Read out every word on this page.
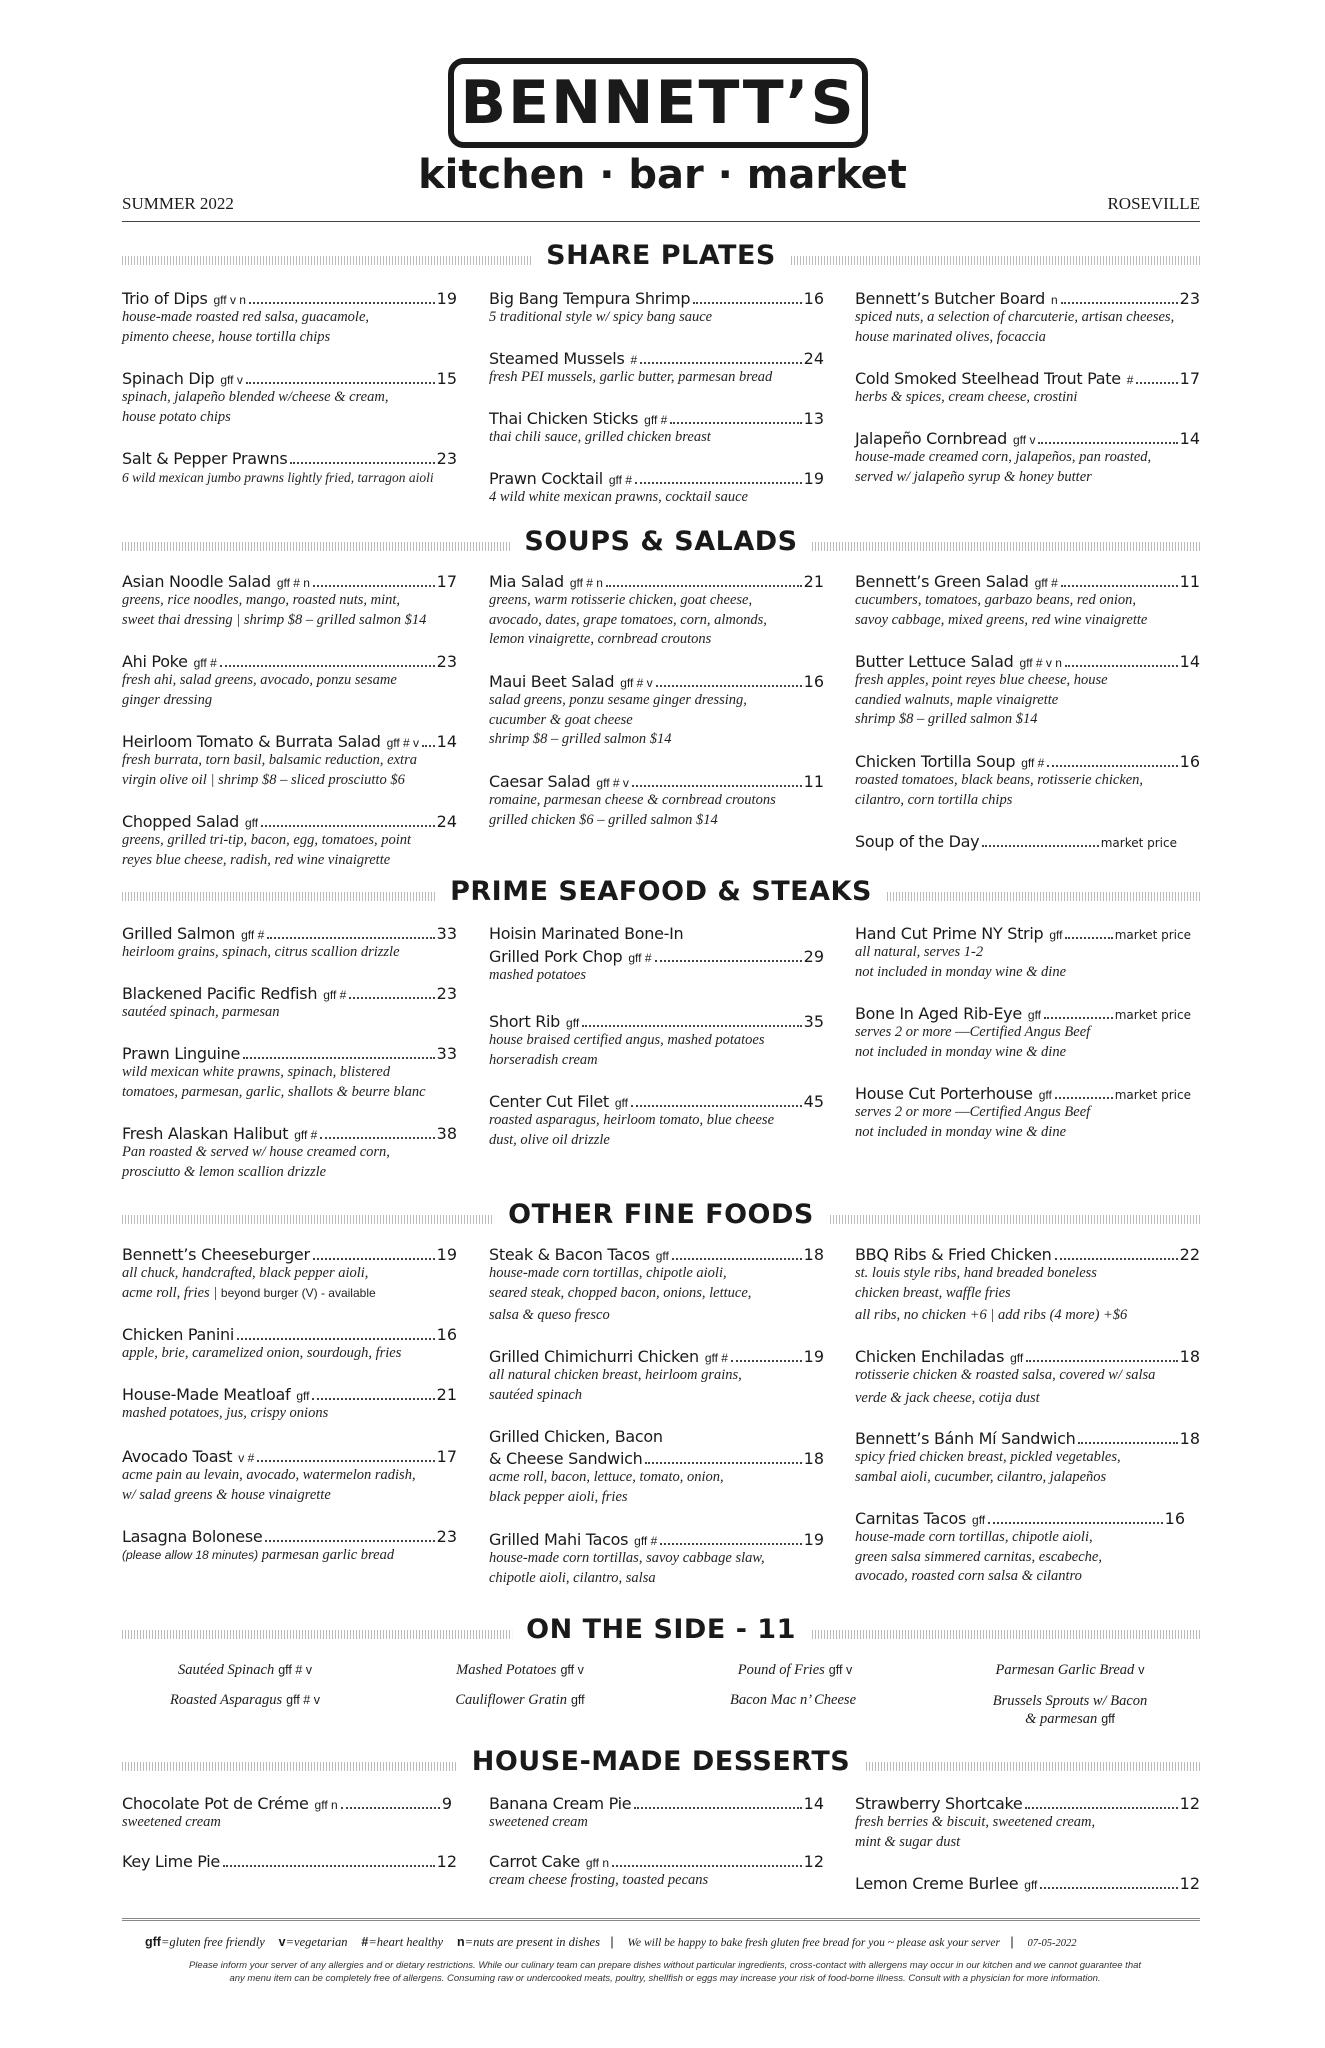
BENNETT’S
kitchen · bar · market
SUMMER 2022	ROSEVILLE
SHARE PLATES
Trio of Dips gff v n	19
house-made roasted red salsa, guacamole,
pimento cheese, house tortilla chips
Spinach Dip gff v	15
spinach, jalapeño blended w/cheese & cream,
house potato chips
Salt & Pepper Prawns	23
6 wild mexican jumbo prawns lightly fried, tarragon aioli
Big Bang Tempura Shrimp	16
5 traditional style w/ spicy bang sauce
Steamed Mussels #	24
fresh PEI mussels, garlic butter, parmesan bread
Thai Chicken Sticks gff #	13
thai chili sauce, grilled chicken breast
Prawn Cocktail gff #	19
4 wild white mexican prawns, cocktail sauce
Bennett’s Butcher Board n	23
spiced nuts, a selection of charcuterie, artisan cheeses,
house marinated olives, focaccia
Cold Smoked Steelhead Trout Pate #	17
herbs & spices, cream cheese, crostini
Jalapeño Cornbread gff v	14
house-made creamed corn, jalapeños, pan roasted,
served w/ jalapeño syrup & honey butter
SOUPS & SALADS
Asian Noodle Salad gff # n	17
greens, rice noodles, mango, roasted nuts, mint,
sweet thai dressing | shrimp $8 – grilled salmon $14
Ahi Poke gff #	23
fresh ahi, salad greens, avocado, ponzu sesame
ginger dressing
Heirloom Tomato & Burrata Salad gff # v 14
fresh burrata, torn basil, balsamic reduction, extra
virgin olive oil | shrimp $8 – sliced prosciutto $6
Chopped Salad gff	24
greens, grilled tri-tip, bacon, egg, tomatoes, point
reyes blue cheese, radish, red wine vinaigrette
Mia Salad gff # n	21
greens, warm rotisserie chicken, goat cheese,
avocado, dates, grape tomatoes, corn, almonds,
lemon vinaigrette, cornbread croutons
Maui Beet Salad gff # v	16
salad greens, ponzu sesame ginger dressing,
cucumber & goat cheese
shrimp $8 – grilled salmon $14
Caesar Salad gff # v	11
romaine, parmesan cheese & cornbread croutons
grilled chicken $6 – grilled salmon $14
Bennett’s Green Salad gff #	11
cucumbers, tomatoes, garbazo beans, red onion,
savoy cabbage, mixed greens, red wine vinaigrette
Butter Lettuce Salad gff # v n	14
fresh apples, point reyes blue cheese, house
candied walnuts, maple vinaigrette
shrimp $8 – grilled salmon $14
Chicken Tortilla Soup gff #	16
roasted tomatoes, black beans, rotisserie chicken,
cilantro, corn tortilla chips
Soup of the Day	market price
PRIME SEAFOOD & STEAKS
Grilled Salmon gff #	33
heirloom grains, spinach, citrus scallion drizzle
Blackened Pacific Redfish gff #	23
sautéed spinach, parmesan
Prawn Linguine	33
wild mexican white prawns, spinach, blistered
tomatoes, parmesan, garlic, shallots & beurre blanc
Fresh Alaskan Halibut gff #	38
Pan roasted & served w/ house creamed corn,
prosciutto & lemon scallion drizzle
Hoisin Marinated Bone-In
Grilled Pork Chop gff #	29
mashed potatoes
Short Rib gff	35
house braised certified angus, mashed potatoes
horseradish cream
Center Cut Filet gff	45
roasted asparagus, heirloom tomato, blue cheese
dust, olive oil drizzle
Hand Cut Prime NY Strip gff	market price
all natural, serves 1-2
not included in monday wine & dine
Bone In Aged Rib-Eye gff	market price
serves 2 or more ––Certified Angus Beef
not included in monday wine & dine
House Cut Porterhouse gff	market price
serves 2 or more ––Certified Angus Beef
not included in monday wine & dine
OTHER FINE FOODS
Bennett’s Cheeseburger	19
all chuck, handcrafted, black pepper aioli,
acme roll, fries | beyond burger (V) - available
Chicken Panini	16
apple, brie, caramelized onion, sourdough, fries
House-Made Meatloaf gff	21
mashed potatoes, jus, crispy onions
Avocado Toast v #	17
acme pain au levain, avocado, watermelon radish,
w/ salad greens & house vinaigrette
Lasagna Bolonese	23
(please allow 18 minutes) parmesan garlic bread
Steak & Bacon Tacos gff	18
house-made corn tortillas, chipotle aioli,
seared steak, chopped bacon, onions, lettuce,
salsa & queso fresco
Grilled Chimichurri Chicken gff #	19
all natural chicken breast, heirloom grains,
sautéed spinach
Grilled Chicken, Bacon
& Cheese Sandwich	18
acme roll, bacon, lettuce, tomato, onion,
black pepper aioli, fries
Grilled Mahi Tacos gff #	19
house-made corn tortillas, savoy cabbage slaw,
chipotle aioli, cilantro, salsa
BBQ Ribs & Fried Chicken	22
st. louis style ribs, hand breaded boneless
chicken breast, waffle fries
all ribs, no chicken +6 | add ribs (4 more) +$6
Chicken Enchiladas gff	18
rotisserie chicken & roasted salsa, covered w/ salsa
verde & jack cheese, cotija dust
Bennett’s Bánh Mí Sandwich	18
spicy fried chicken breast, pickled vegetables,
sambal aioli, cucumber, cilantro, jalapeños
Carnitas Tacos gff	16
house-made corn tortillas, chipotle aioli,
green salsa simmered carnitas, escabeche,
avocado, roasted corn salsa & cilantro
ON THE SIDE - 11
Sautéed Spinach gff # v	Mashed Potatoes gff v	Pound of Fries gff v	Parmesan Garlic Bread v
Roasted Asparagus gff # v	Cauliflower Gratin gff	Bacon Mac n’ Cheese	Brussels Sprouts w/ Bacon
& parmesan gff
HOUSE-MADE DESSERTS
Chocolate Pot de Créme gff n	9
sweetened cream
Key Lime Pie	12
Banana Cream Pie	14
sweetened cream
Carrot Cake gff n	12
cream cheese frosting, toasted pecans
Strawberry Shortcake	12
fresh berries & biscuit, sweetened cream,
mint & sugar dust
Lemon Creme Burlee gff	12
gff=gluten free friendly v=vegetarian #=heart healthy n=nuts are present in dishes   |    We will be happy to bake fresh gluten free bread for you ~ please ask your server   |    07-05-2022
Please inform your server of any allergies and or dietary restrictions. While our culinary team can prepare dishes without particular ingredients, cross-contact with allergens may occur in our kitchen and we cannot guarantee that
any menu item can be completely free of allergens. Consuming raw or undercooked meats, poultry, shellfish or eggs may increase your risk of food-borne illness. Consult with a physician for more information.
